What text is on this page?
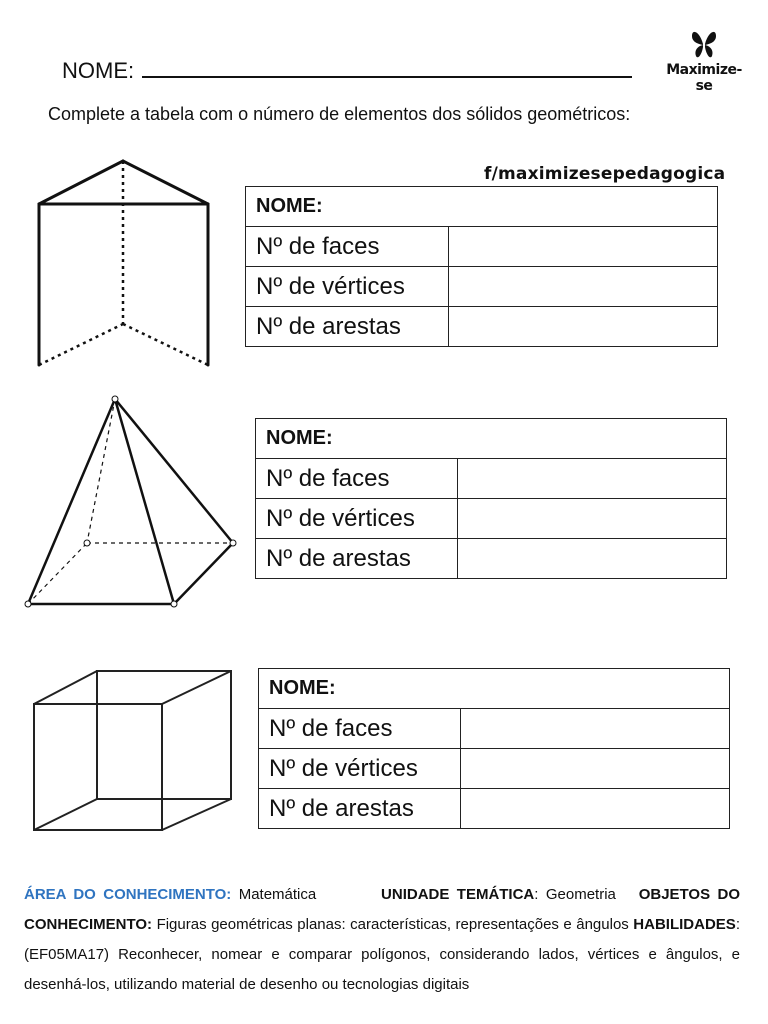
NOME:	Maximize-se
Complete a tabela com o número de elementos dos sólidos geométricos:
f/maximizesepedagogica
NOME:	
Nº de faces	
Nº de vértices	
Nº de arestas	
NOME:	
Nº de faces	
Nº de vértices	
Nº de arestas	
NOME:	
Nº de faces	
Nº de vértices	
Nº de arestas	
ÁREA DO CONHECIMENTO: Matemática	UNIDADE TEMÁTICA: Geometria OBJETOS DO CONHECIMENTO: Figuras geométricas planas: características, representações e ângulos HABILIDADES: (EF05MA17) Reconhecer, nomear e comparar polígonos, considerando lados, vértices e ângulos, e desenhá-los, utilizando material de desenho ou tecnologias digitais
